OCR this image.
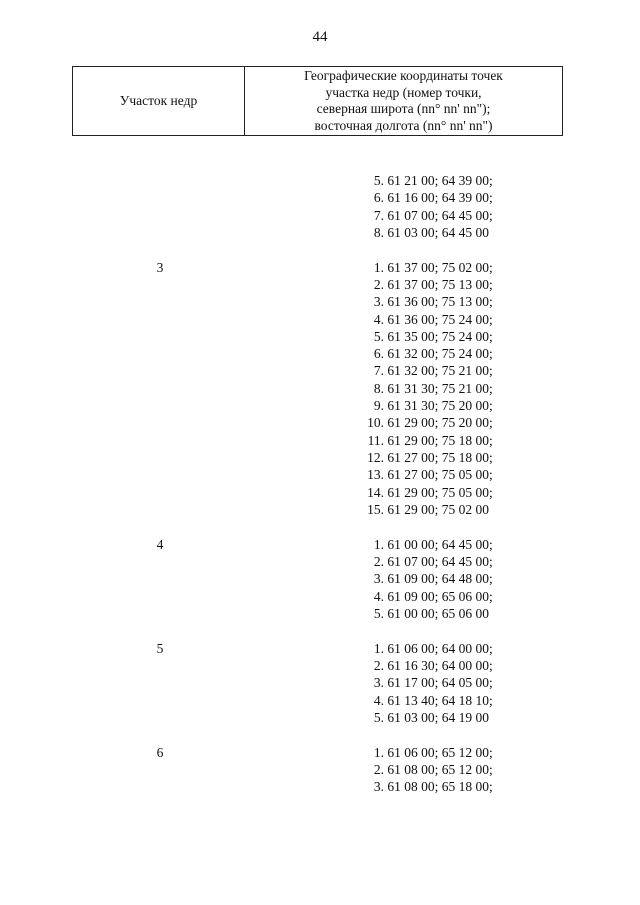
44
Участок недр
Географические координаты точек
участка недр (номер точки,
северная широта (nn° nn' nn");
восточная долгота (nn° nn' nn")
5. 61 21 00; 64 39 00;
6. 61 16 00; 64 39 00;
7. 61 07 00; 64 45 00;
8. 61 03 00; 64 45 00
3	1. 61 37 00; 75 02 00;
2. 61 37 00; 75 13 00;
3. 61 36 00; 75 13 00;
4. 61 36 00; 75 24 00;
5. 61 35 00; 75 24 00;
6. 61 32 00; 75 24 00;
7. 61 32 00; 75 21 00;
8. 61 31 30; 75 21 00;
9. 61 31 30; 75 20 00;
10. 61 29 00; 75 20 00;
11. 61 29 00; 75 18 00;
12. 61 27 00; 75 18 00;
13. 61 27 00; 75 05 00;
14. 61 29 00; 75 05 00;
15. 61 29 00; 75 02 00
4	1. 61 00 00; 64 45 00;
2. 61 07 00; 64 45 00;
3. 61 09 00; 64 48 00;
4. 61 09 00; 65 06 00;
5. 61 00 00; 65 06 00
5	1. 61 06 00; 64 00 00;
2. 61 16 30; 64 00 00;
3. 61 17 00; 64 05 00;
4. 61 13 40; 64 18 10;
5. 61 03 00; 64 19 00
6	1. 61 06 00; 65 12 00;
2. 61 08 00; 65 12 00;
3. 61 08 00; 65 18 00;
